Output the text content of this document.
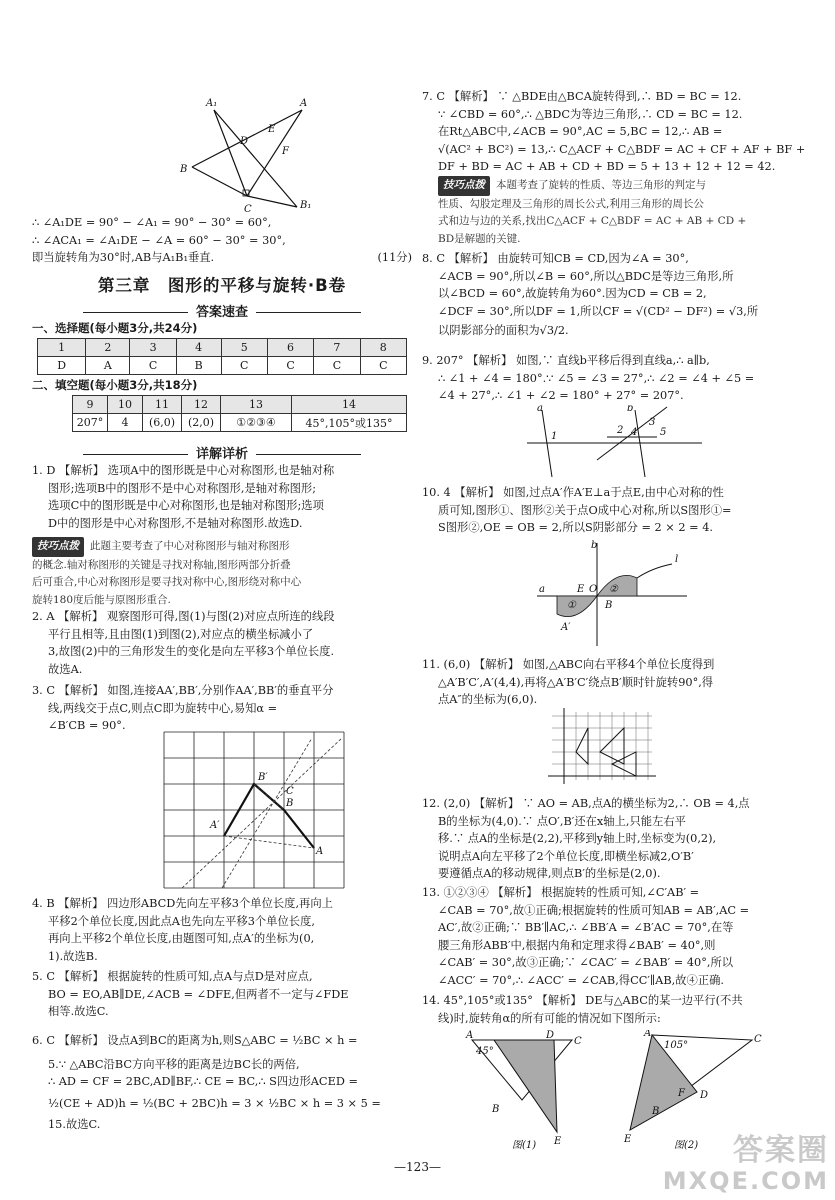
A₁	A
D
E
F
B
C	B₁

∴ ∠A₁DE = 90° − ∠A₁ = 90° − 30° = 60°,

∴ ∠ACA₁ = ∠A₁DE − ∠A = 60° − 30° = 30°,

即当旋转角为30°时,AB与A₁B₁垂直.	(11分)

第三章　图形的平移与旋转·B卷
答案速查
一、选择题(每小题3分,共24分)
1	2	3	4	5	6	7	8
D	A	C	B	C	C	C	C
二、填空题(每小题3分,共18分)
9	10	11	12	13	14
207°	4	(6,0)	(2,0)	①②③④	45°,105°或135°
详解详析

1. D 【解析】 选项A中的图形既是中心对称图形,也是轴对称

图形;选项B中的图形不是中心对称图形,是轴对称图形;

选项C中的图形既是中心对称图形,也是轴对称图形;选项

D中的图形是中心对称图形,不是轴对称图形.故选D.

技巧点拨 此题主要考查了中心对称图形与轴对称图形

的概念.轴对称图形的关键是寻找对称轴,图形两部分折叠

后可重合,中心对称图形是要寻找对称中心,图形绕对称中心

旋转180度后能与原图形重合.

2. A 【解析】 观察图形可得,图(1)与图(2)对应点所连的线段

平行且相等,且由图(1)到图(2),对应点的横坐标减小了

3,故图(2)中的三角形发生的变化是向左平移3个单位长度.

故选A.

3. C 【解析】 如图,连接AA′,BB′,分别作AA′,BB′的垂直平分

线,两线交于点C,则点C即为旋转中心,易知α =

∠B′CB = 90°.

B′
C
B
A′
A

4. B 【解析】 四边形ABCD先向左平移3个单位长度,再向上

平移2个单位长度,因此点A也先向左平移3个单位长度,

再向上平移2个单位长度,由题图可知,点A′的坐标为(0,

1).故选B.

5. C 【解析】 根据旋转的性质可知,点A与点D是对应点,

BO = EO,AB∥DE,∠ACB = ∠DFE,但两者不一定与∠FDE

相等.故选C.

6. C 【解析】 设点A到BC的距离为h,则S△ABC = ½BC × h =

5.∵ △ABC沿BC方向平移的距离是边BC长的两倍,

∴ AD = CF = 2BC,AD∥BF,∴ CE = BC,∴ S四边形ACED =

½(CE + AD)h = ½(BC + 2BC)h = 3 × ½BC × h = 3 × 5 =

15.故选C.

7. C 【解析】 ∵ △BDE由△BCA旋转得到,∴ BD = BC = 12.

∵ ∠CBD = 60°,∴ △BDC为等边三角形,∴ CD = BC = 12.

在Rt△ABC中,∠ACB = 90°,AC = 5,BC = 12,∴ AB =

√(AC² + BC²) = 13,∴ C△ACF + C△BDF = AC + CF + AF + BF +

DF + BD = AC + AB + CD + BD = 5 + 13 + 12 + 12 = 42.

技巧点拨 本题考查了旋转的性质、等边三角形的判定与

性质、勾股定理及三角形的周长公式,利用三角形的周长公

式和边与边的关系,找出C△ACF + C△BDF = AC + AB + CD +

BD是解题的关键.

8. C 【解析】 由旋转可知CB = CD,因为∠A = 30°,

∠ACB = 90°,所以∠B = 60°,所以△BDC是等边三角形,所

以∠BCD = 60°,故旋转角为60°.因为CD = CB = 2,

∠DCF = 30°,所以DF = 1,所以CF = √(CD² − DF²) = √3,所

以阴影部分的面积为√3/2.

9. 207° 【解析】 如图,∵ 直线b平移后得到直线a,∴ a∥b,

∴ ∠1 + ∠4 = 180°.∵ ∠5 = ∠3 = 27°,∴ ∠2 = ∠4 + ∠5 =

∠4 + 27°,∴ ∠1 + ∠2 = 180° + 27° = 207°.

a	b
1
2
3
4 5

10. 4 【解析】 如图,过点A′作A′E⊥a于点E,由中心对称的性

质可知,图形①、图形②关于点O成中心对称,所以S图形①=

S图形②,OE = OB = 2,所以S阴影部分 = 2 × 2 = 4.

b
a
l
E O
①
②
B
A′

11. (6,0) 【解析】 如图,△ABC向右平移4个单位长度得到

△A′B′C′,A′(4,4),再将△A′B′C′绕点B′顺时针旋转90°,得

点A″的坐标为(6,0).

12. (2,0) 【解析】 ∵ AO = AB,点A的横坐标为2,∴ OB = 4,点

B的坐标为(4,0).∵ 点O′,B′还在x轴上,只能左右平

移.∵ 点A的坐标是(2,2),平移到y轴上时,坐标变为(0,2),

说明点A向左平移了2个单位长度,即横坐标减2,O′B′

要遵循点A的移动规律,则点B′的坐标是(2,0).

13. ①②③④ 【解析】 根据旋转的性质可知,∠C′AB′ =

∠CAB = 70°,故①正确;根据旋转的性质可知AB = AB′,AC =

AC′,故②正确;∵ BB′∥AC,∴ ∠BB′A = ∠B′AC = 70°,在等

腰三角形ABB′中,根据内角和定理求得∠BAB′ = 40°,则

∠CAB′ = 30°,故③正确;∵ ∠CAC′ = ∠BAB′ = 40°,所以

∠ACC′ = 70°,∴ ∠ACC′ = ∠CAB,得CC′∥AB,故④正确.

14. 45°,105°或135° 【解析】 DE与△ABC的某一边平行(不共

线)时,旋转角α的所有可能的情况如下图所示:

A
C
45°
D
B
E
图(1)
A
C
105°
F
B
D
E
图(2)
—123—	答案圈
MXQE.COM
